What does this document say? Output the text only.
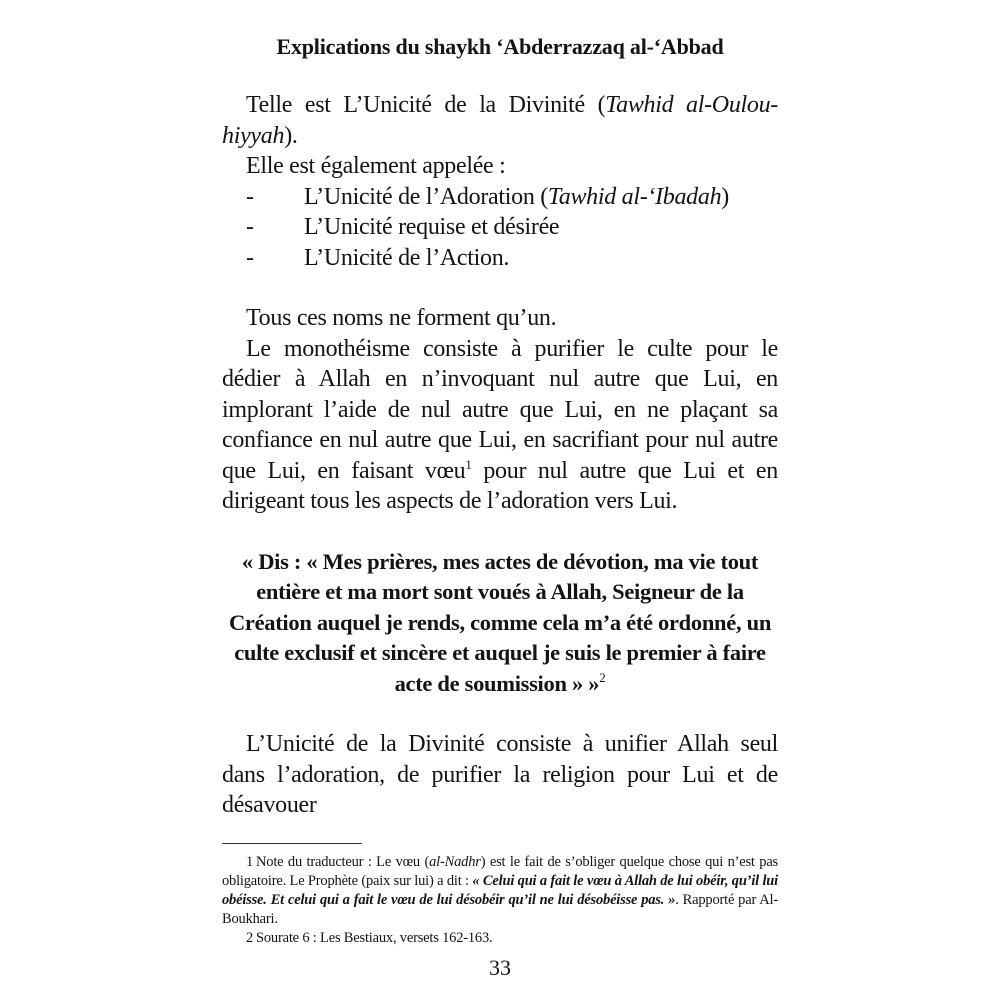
Explications du shaykh ‘Abderrazzaq al-‘Abbad

Telle est L’Unicité de la Divinité (Tawhid al-Oulou-hiyyah).

Elle est également appelée :

- L’Unicité de l’Adoration (Tawhid al-‘Ibadah)
- L’Unicité requise et désirée
- L’Unicité de l’Action.

Tous ces noms ne forment qu’un.

Le monothéisme consiste à purifier le culte pour le dédier à Allah en n’invoquant nul autre que Lui, en implorant l’aide de nul autre que Lui, en ne plaçant sa confiance en nul autre que Lui, en sacrifiant pour nul autre que Lui, en faisant vœu$^1$ pour nul autre que Lui et en dirigeant tous les aspects de l’adoration vers Lui.

« Dis : « Mes prières, mes actes de dévotion, ma vie tout entière et ma mort sont voués à Allah, Seigneur de la Création auquel je rends, comme cela m’a été ordonné, un culte exclusif et sincère et auquel je suis le premier à faire acte de soumission » »$^2$

L’Unicité de la Divinité consiste à unifier Allah seul dans l’adoration, de purifier la religion pour Lui et de désavouer

1 Note du traducteur : Le vœu (al-Nadhr) est le fait de s’obliger quelque chose qui n’est pas obligatoire. Le Prophète (paix sur lui) a dit : « Celui qui a fait le vœu à Allah de lui obéir, qu’il lui obéisse. Et celui qui a fait le vœu de lui désobéir qu’il ne lui désobéisse pas. ». Rapporté par Al-Boukhari.

2 Sourate 6 : Les Bestiaux, versets 162-163.

33
